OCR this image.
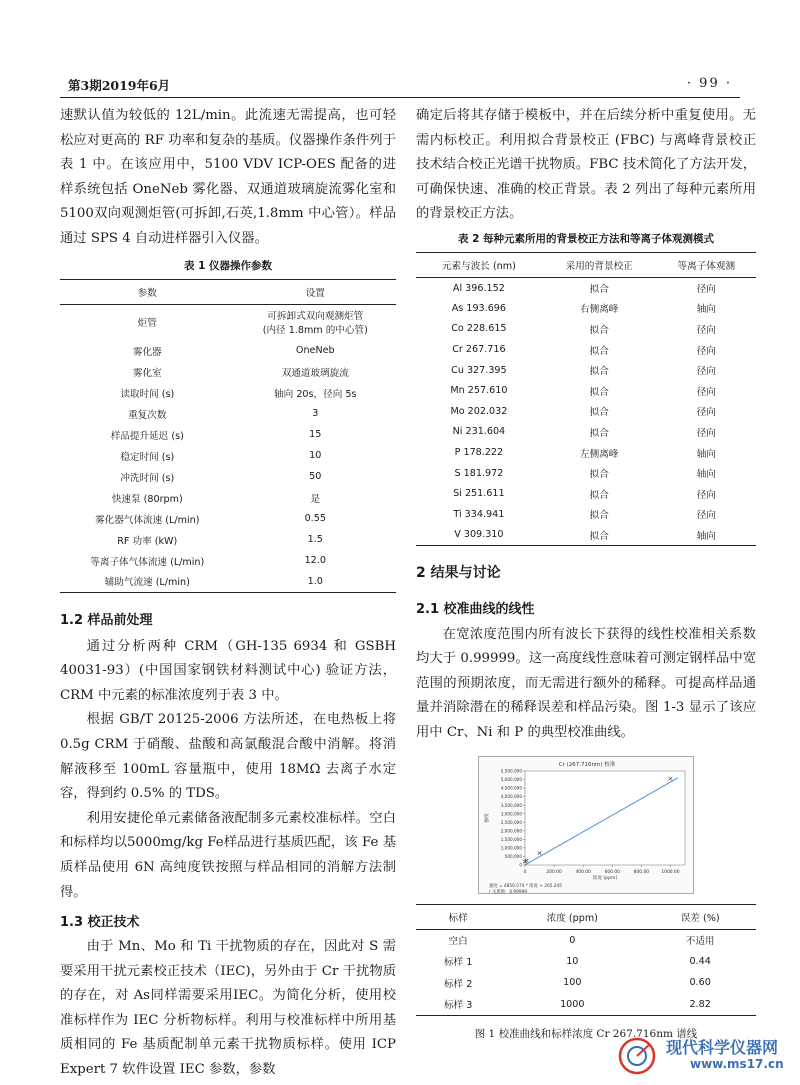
第3期2019年6月	· 99 ·

速默认值为较低的 12L/min。此流速无需提高，也可轻松应对更高的 RF 功率和复杂的基质。仪器操作条件列于表 1 中。在该应用中，5100 VDV ICP-OES 配备的进样系统包括 OneNeb 雾化器、双通道玻璃旋流雾化室和5100双向观测炬管(可拆卸,石英,1.8mm 中心管）。样品通过 SPS 4 自动进样器引入仪器。

表 1 仪器操作参数
参数	设置
炬管	可拆卸式双向观测炬管
(内径 1.8mm 的中心管)
雾化器	OneNeb
雾化室	双通道玻璃旋流
读取时间 (s)	轴向 20s，径向 5s
重复次数	3
样品提升延迟 (s)	15
稳定时间 (s)	10
冲洗时间 (s)	50
快速泵 (80rpm)	是
雾化器气体流速 (L/min)	0.55
RF 功率 (kW)	1.5
等离子体气体流速 (L/min)	12.0
辅助气流速 (L/min)	1.0
1.2 样品前处理

通过分析两种 CRM（GH-135 6934 和 GSBH 40031-93）(中国国家钢铁材料测试中心) 验证方法，CRM 中元素的标准浓度列于表 3 中。

根据 GB/T 20125-2006 方法所述，在电热板上将 0.5g CRM 于硝酸、盐酸和高氯酸混合酸中消解。将消解液移至 100mL 容量瓶中，使用 18MΩ 去离子水定容，得到约 0.5% 的 TDS。

利用安捷伦单元素储备液配制多元素校准标样。空白和标样均以5000mg/kg Fe样品进行基质匹配，该 Fe 基质样品使用 6N 高纯度铁按照与样品相同的消解方法制得。

1.3 校正技术

由于 Mn、Mo 和 Ti 干扰物质的存在，因此对 S 需要采用干扰元素校正技术（IEC)，另外由于 Cr 干扰物质的存在，对 As同样需要采用IEC。为简化分析，使用校准标样作为 IEC 分析物标样。利用与校准标样中所用基质相同的 Fe 基质配制单元素干扰物质标样。使用 ICP Expert 7 软件设置 IEC 参数，参数

确定后将其存储于模板中，并在后续分析中重复使用。无需内标校正。利用拟合背景校正 (FBC) 与离峰背景校正技术结合校正光谱干扰物质。FBC 技术简化了方法开发，可确保快速、准确的校正背景。表 2 列出了每种元素所用的背景校正方法。

表 2 每种元素所用的背景校正方法和等离子体观测模式
元素与波长 (nm)	采用的背景校正	等离子体观测
Al 396.152	拟合	径向
As 193.696	右侧离峰	轴向
Co 228.615	拟合	径向
Cr 267.716	拟合	径向
Cu 327.395	拟合	径向
Mn 257.610	拟合	径向
Mo 202.032	拟合	径向
Ni 231.604	拟合	径向
P 178.222	左侧离峰	轴向
S 181.972	拟合	轴向
Si 251.611	拟合	径向
Ti 334.941	拟合	径向
V 309.310	拟合	轴向
2 结果与讨论
2.1 校准曲线的线性

在宽浓度范围内所有波长下获得的线性校准相关系数均大于 0.99999。这一高度线性意味着可测定钢样品中宽范围的预期浓度，而无需进行额外的稀释。可提高样品通量并消除潜在的稀释误差和样品污染。图 1-3 显示了该应用中 Cr、Ni 和 P 的典型校准曲线。

Cr (267.716nm) 校准
0
500,000
1,000,000
1,500,000
2,000,000
2,500,000
3,000,000
3,500,000
4,000,000
4,500,000
5,000,000
5,500,000
0	200.00	400.00	600.00	800.00	1000.00
浓度 (ppm)
强度
强度 = 4850.574 * 浓度 + 205.245
r 关系数：0.99999
标样	浓度 (ppm)	误差 (%)
空白	0	不适用
标样 1	10	0.44
标样 2	100	0.60
标样 3	1000	2.82
图 1 校准曲线和标样浓度 Cr 267.716nm 谱线
现代科学仪器网
www.ms17.cn
